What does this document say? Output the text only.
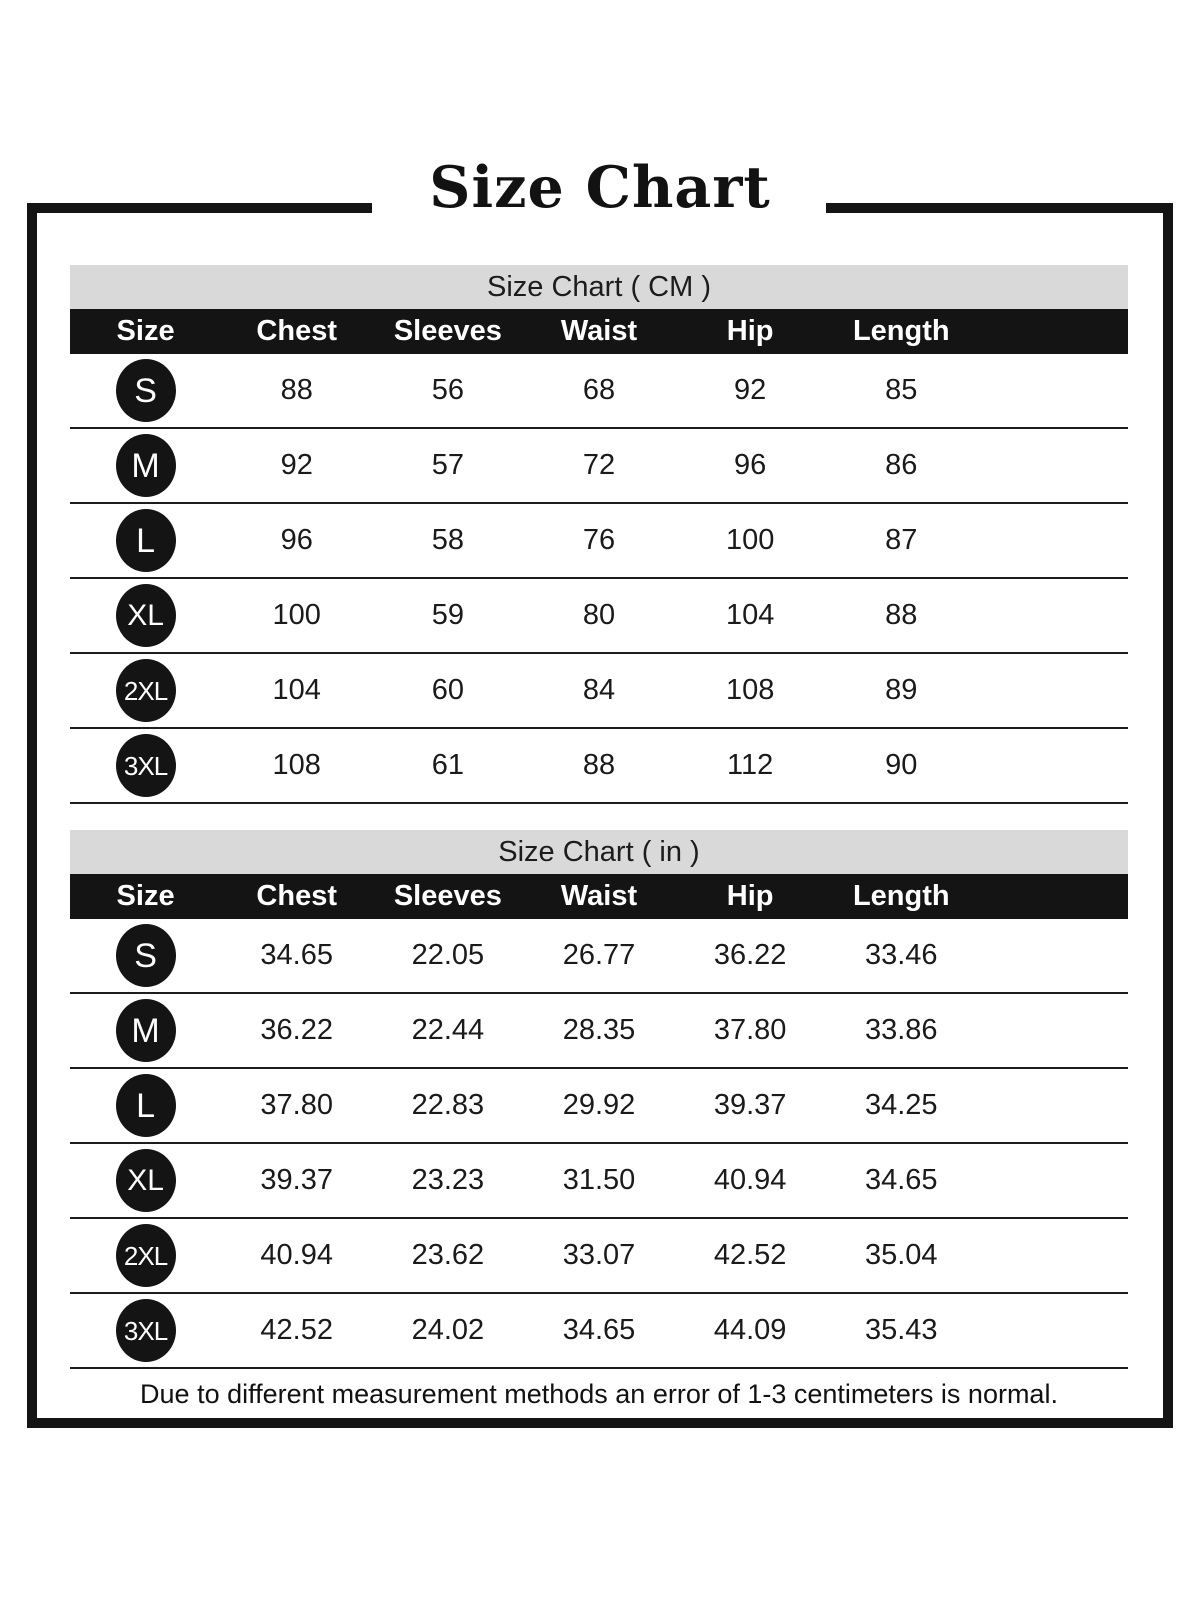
Size Chart
Size Chart ( CM )
Size	Chest	Sleeves	Waist	Hip	Length
S	88	56	68	92	85
M	92	57	72	96	86
L	96	58	76	100	87
XL	100	59	80	104	88
2XL	104	60	84	108	89
3XL	108	61	88	112	90
Size Chart ( in )
Size	Chest	Sleeves	Waist	Hip	Length
S	34.65	22.05	26.77	36.22	33.46
M	36.22	22.44	28.35	37.80	33.86
L	37.80	22.83	29.92	39.37	34.25
XL	39.37	23.23	31.50	40.94	34.65
2XL	40.94	23.62	33.07	42.52	35.04
3XL	42.52	24.02	34.65	44.09	35.43
Due to different measurement methods an error of 1-3 centimeters is normal.
